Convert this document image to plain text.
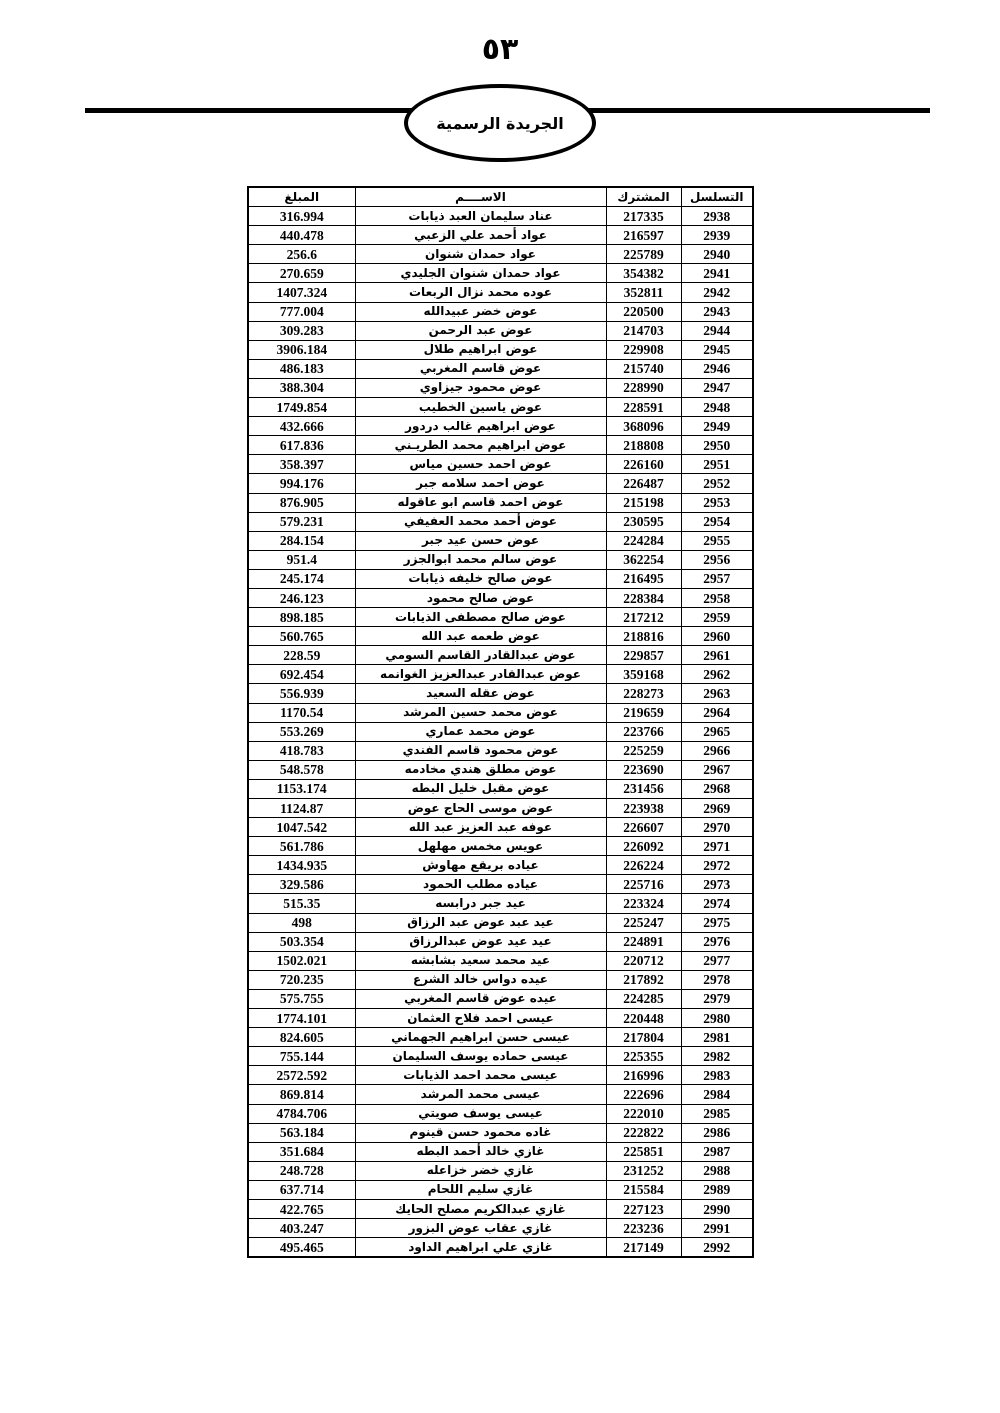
٥٣
الجريدة الرسمية
التسلسل	المشترك	الاســــم	المبلغ
2938	217335	عناد سليمان العبد ذيابات	316.994
2939	216597	عواد أحمد علي الزعبي	440.478
2940	225789	عواد حمدان شنوان	256.6
2941	354382	عواد حمدان شنوان الجليدي	270.659
2942	352811	عوده محمد نزال الربعات	1407.324
2943	220500	عوض خضر عبيدالله	777.004
2944	214703	عوض عبد الرحمن	309.283
2945	229908	عوض ابراهيم طلال	3906.184
2946	215740	عوض قاسم المغربي	486.183
2947	228990	عوض محمود جيزاوي	388.304
2948	228591	عوض ياسين الخطيب	1749.854
2949	368096	عوض ابراهيم غالب دردور	432.666
2950	218808	عوض ابراهيم محمد الطريـني	617.836
2951	226160	عوض احمد حسين مياس	358.397
2952	226487	عوض احمد سلامه جبر	994.176
2953	215198	عوض احمد قاسم ابو عاقوله	876.905
2954	230595	عوض أحمد محمد العفيفي	579.231
2955	224284	عوض حسن عيد جبر	284.154
2956	362254	عوض سالم محمد ابوالجزر	951.4
2957	216495	عوض صالح خليفه ذيابات	245.174
2958	228384	عوض صالح محمود	246.123
2959	217212	عوض صالح مصطفى الذيابات	898.185
2960	218816	عوض طعمه عبد الله	560.765
2961	229857	عوض عبدالقادر القاسم السومي	228.59
2962	359168	عوض عبدالقادر عبدالعزيز الغوانمه	692.454
2963	228273	عوض عقله السعيد	556.939
2964	219659	عوض محمد حسين المرشد	1170.54
2965	223766	عوض محمد عماري	553.269
2966	225259	عوض محمود قاسم الفندي	418.783
2967	223690	عوض مطلق هندي مخادمه	548.578
2968	231456	عوض مقبل خليل البطه	1153.174
2969	223938	عوض موسى الحاج عوض	1124.87
2970	226607	عوفه عبد العزيز عبد الله	1047.542
2971	226092	عويس مخمس مهلهل	561.786
2972	226224	عياده بريقع مهاوش	1434.935
2973	225716	عياده مطلب الحمود	329.586
2974	223324	عيد جبر درابسه	515.35
2975	225247	عيد عبد عوض عبد الرزاق	498
2976	224891	عيد عيد عوض عبدالرزاق	503.354
2977	220712	عيد محمد سعيد بشابشه	1502.021
2978	217892	عيده دواس خالد الشرع	720.235
2979	224285	عيده عوض قاسم المغربي	575.755
2980	220448	عيسى احمد فلاح العثمان	1774.101
2981	217804	عيسى حسن ابراهيم الجهماني	824.605
2982	225355	عيسى حماده يوسف السليمان	755.144
2983	216996	عيسى محمد احمد الذيابات	2572.592
2984	222696	عيسى محمد المرشد	869.814
2985	222010	عيسى يوسف صويتي	4784.706
2986	222822	غاده محمود حسن قينوم	563.184
2987	225851	غازي خالد أحمد البطه	351.684
2988	231252	غازي خضر خزاعله	248.728
2989	215584	غازي سليم اللحام	637.714
2990	227123	غازي عبدالكريم مصلح الحايك	422.765
2991	223236	غازي عقاب عوض البزور	403.247
2992	217149	غازي علي ابراهيم الداود	495.465
